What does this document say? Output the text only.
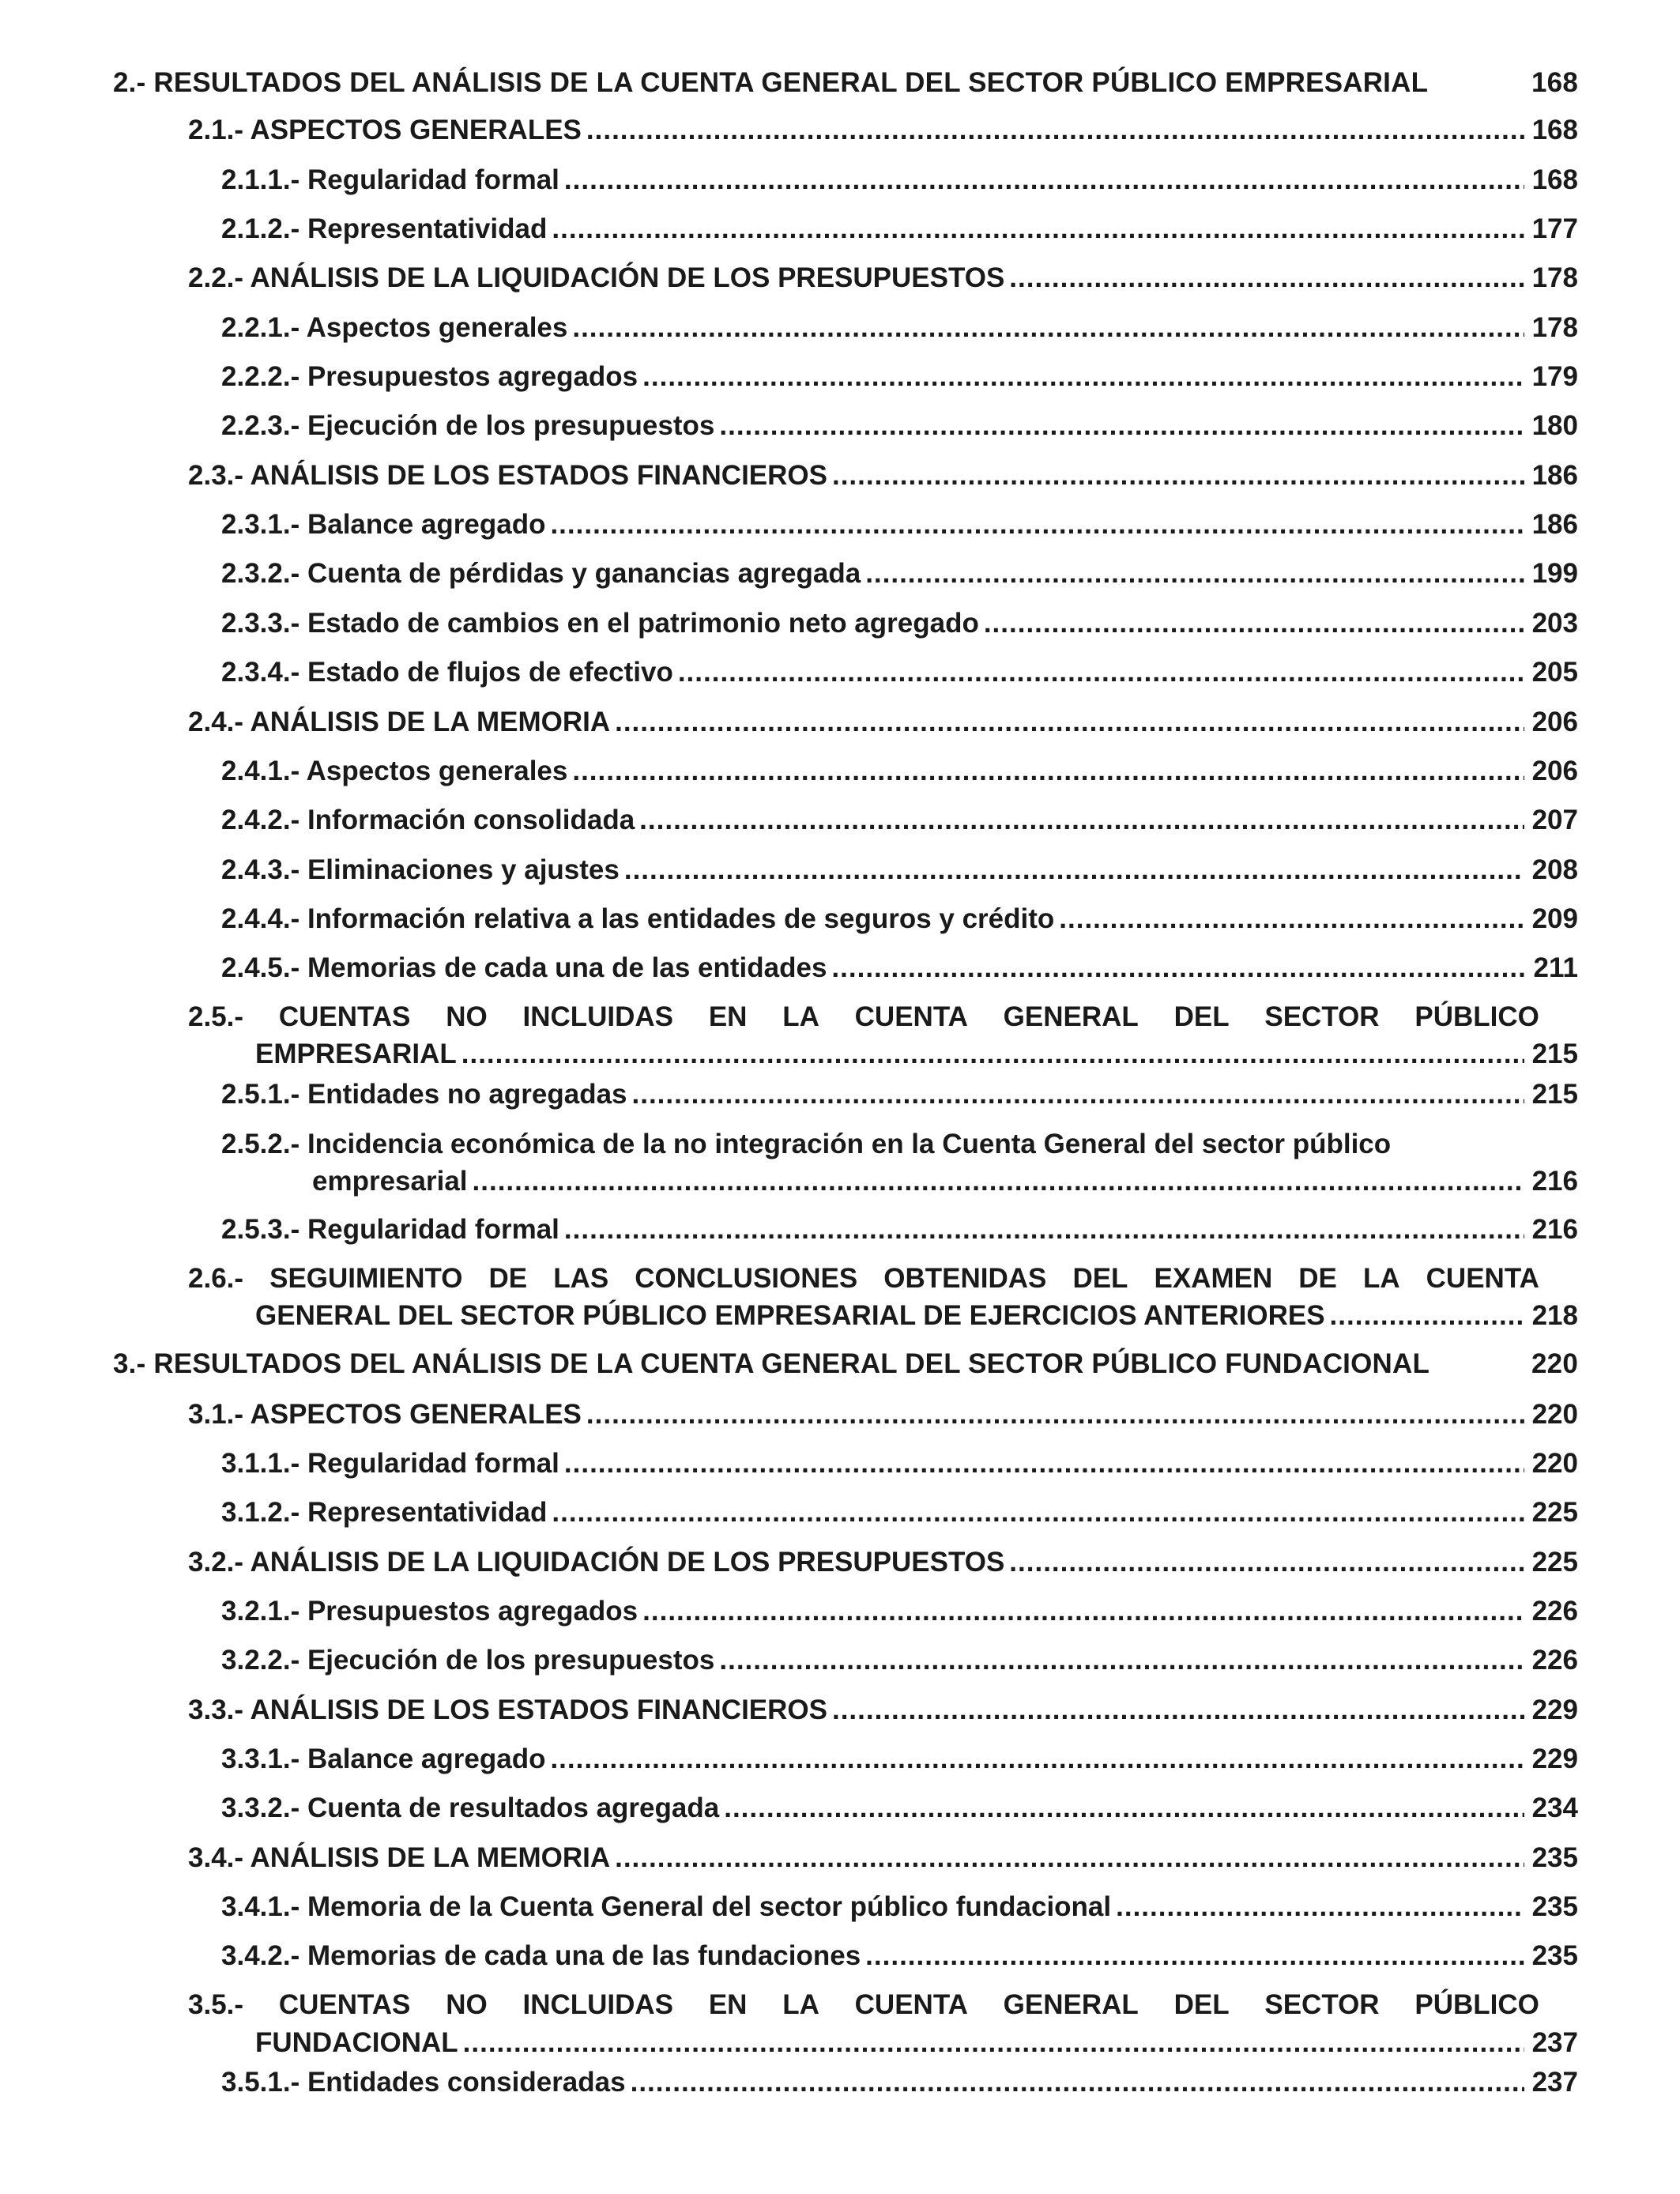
2.- RESULTADOS DEL ANÁLISIS DE LA CUENTA GENERAL DEL SECTOR PÚBLICO EMPRESARIAL	168
2.1.- ASPECTOS GENERALES .....	168
2.1.1.- Regularidad formal .....	168
2.1.2.- Representatividad .....	177
2.2.- ANÁLISIS DE LA LIQUIDACIÓN DE LOS PRESUPUESTOS .....	178
2.2.1.- Aspectos generales .....	178
2.2.2.- Presupuestos agregados .....	179
2.2.3.- Ejecución de los presupuestos .....	180
2.3.- ANÁLISIS DE LOS ESTADOS FINANCIEROS .....	186
2.3.1.- Balance agregado .....	186
2.3.2.- Cuenta de pérdidas y ganancias agregada .....	199
2.3.3.- Estado de cambios en el patrimonio neto agregado .....	203
2.3.4.- Estado de flujos de efectivo .....	205
2.4.- ANÁLISIS DE LA MEMORIA .....	206
2.4.1.- Aspectos generales .....	206
2.4.2.- Información consolidada .....	207
2.4.3.- Eliminaciones y ajustes .....	208
2.4.4.- Información relativa a las entidades de seguros y crédito .....	209
2.4.5.- Memorias de cada una de las entidades .....	211
2.5.- CUENTAS NO INCLUIDAS EN LA CUENTA GENERAL DEL SECTOR PÚBLICO
EMPRESARIAL .....	215
2.5.1.- Entidades no agregadas .....	215
2.5.2.- Incidencia económica de la no integración en la Cuenta General del sector público
empresarial .....	216
2.5.3.- Regularidad formal .....	216
2.6.- SEGUIMIENTO DE LAS CONCLUSIONES OBTENIDAS DEL EXAMEN DE LA CUENTA
GENERAL DEL SECTOR PÚBLICO EMPRESARIAL DE EJERCICIOS ANTERIORES .....	218
3.- RESULTADOS DEL ANÁLISIS DE LA CUENTA GENERAL DEL SECTOR PÚBLICO FUNDACIONAL	220
3.1.- ASPECTOS GENERALES .....	220
3.1.1.- Regularidad formal .....	220
3.1.2.- Representatividad .....	225
3.2.- ANÁLISIS DE LA LIQUIDACIÓN DE LOS PRESUPUESTOS .....	225
3.2.1.- Presupuestos agregados .....	226
3.2.2.- Ejecución de los presupuestos .....	226
3.3.- ANÁLISIS DE LOS ESTADOS FINANCIEROS .....	229
3.3.1.- Balance agregado .....	229
3.3.2.- Cuenta de resultados agregada .....	234
3.4.- ANÁLISIS DE LA MEMORIA .....	235
3.4.1.- Memoria de la Cuenta General del sector público fundacional .....	235
3.4.2.- Memorias de cada una de las fundaciones .....	235
3.5.- CUENTAS NO INCLUIDAS EN LA CUENTA GENERAL DEL SECTOR PÚBLICO
FUNDACIONAL .....	237
3.5.1.- Entidades consideradas .....	237
